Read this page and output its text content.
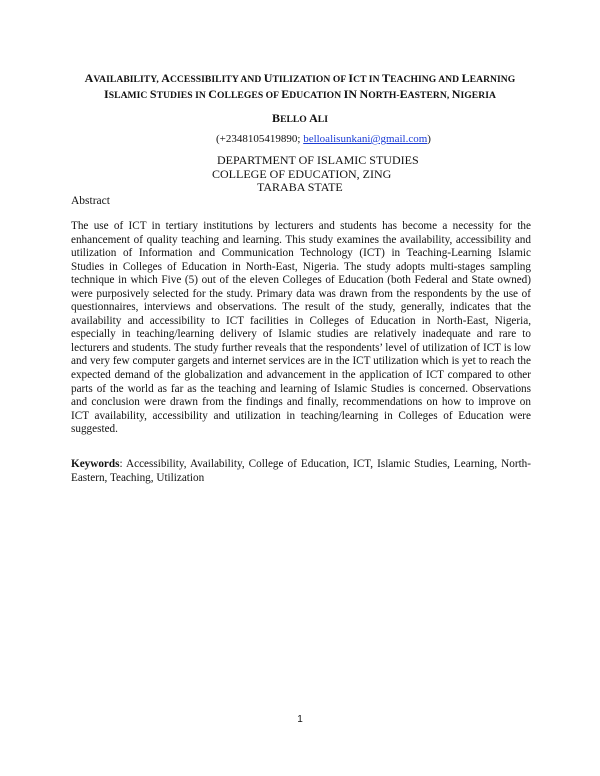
AVAILABILITY, ACCESSIBILITY AND UTILIZATION OF ICT IN TEACHING AND LEARNING
ISLAMIC STUDIES IN COLLEGES OF EDUCATION IN NORTH-EASTERN, NIGERIA
BELLO ALI
(+2348105419890; belloalisunkani@gmail.com)
DEPARTMENT OF ISLAMIC STUDIES
COLLEGE OF EDUCATION, ZING
TARABA STATE
Abstract
The use of ICT in tertiary institutions by lecturers and students has become a necessity for the enhancement of quality teaching and learning. This study examines the availability, accessibility and utilization of Information and Communication Technology (ICT) in Teaching-Learning Islamic Studies in Colleges of Education in North-East, Nigeria. The study adopts multi-stages sampling technique in which Five (5) out of the eleven Colleges of Education (both Federal and State owned) were purposively selected for the study. Primary data was drawn from the respondents by the use of questionnaires, interviews and observations. The result of the study, generally, indicates that the availability and accessibility to ICT facilities in Colleges of Education in North-East, Nigeria, especially in teaching/learning delivery of Islamic studies are relatively inadequate and rare to lecturers and students. The study further reveals that the respondents’ level of utilization of ICT is low and very few computer gargets and internet services are in the ICT utilization which is yet to reach the expected demand of the globalization and advancement in the application of ICT compared to other parts of the world as far as the teaching and learning of Islamic Studies is concerned. Observations and conclusion were drawn from the findings and finally, recommendations on how to improve on ICT availability, accessibility and utilization in teaching/learning in Colleges of Education were suggested.
Keywords: Accessibility, Availability, College of Education, ICT, Islamic Studies, Learning, North-Eastern, Teaching, Utilization
1
